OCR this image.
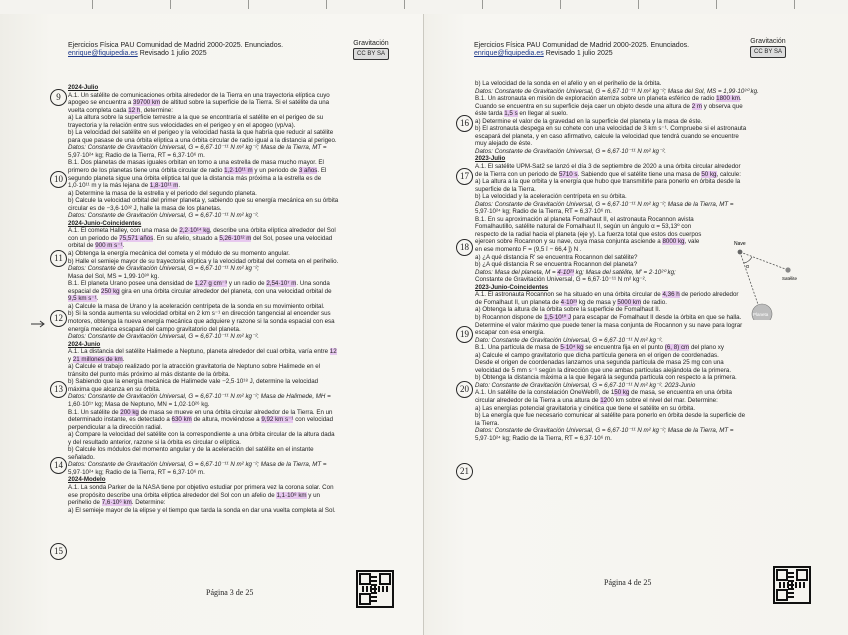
Ejercicios Física PAU Comunidad de Madrid 2000-2025. Enunciados.
enrique@fiquipedia.es Revisado 1 julio 2025
Gravitación
CC BY SA

2024-Julio

A.1. Un satélite de comunicaciones orbita alrededor de la Tierra en una trayectoria elíptica cuyo

apogeo se encuentra a 39700 km de altitud sobre la superficie de la Tierra. Si el satélite da una

vuelta completa cada 12 h, determine:

a) La altura sobre la superficie terrestre a la que se encontraría el satélite en el perigeo de su

trayectoria y la relación entre sus velocidades en el perigeo y en el apogeo (vp/va).

b) La velocidad del satélite en el perigeo y la velocidad hasta la que habría que reducir al satélite

para que pasase de una órbita elíptica a una órbita circular de radio igual a la distancia al perigeo.

Datos: Constante de Gravitación Universal, G = 6,67·10⁻¹¹ N m² kg⁻²; Masa de la Tierra, MT =

5,97·10²⁴ kg; Radio de la Tierra, RT = 6,37·10⁶ m.

B.1. Dos planetas de masas iguales orbitan en torno a una estrella de masa mucho mayor. El

primero de los planetas tiene una órbita circular de radio 1,2·10¹¹ m y un periodo de 3 años. El

segundo planeta sigue una órbita elíptica tal que la distancia más próxima a la estrella es de

1,0·10¹¹ m y la más lejana de 1,8·10¹¹ m.

a) Determine la masa de la estrella y el periodo del segundo planeta.

b) Calcule la velocidad orbital del primer planeta y, sabiendo que su energía mecánica en su órbita

circular es de −3,6·10³² J, halle la masa de los planetas.

Datos: Constante de Gravitación Universal, G = 6,67·10⁻¹¹ N m² kg⁻².

2024-Junio-Coincidentes

A.1. El cometa Halley, con una masa de 2,2·10¹⁴ kg, describe una órbita elíptica alrededor del Sol

con un periodo de 75,571 años. En su afelio, situado a 5,26·10¹² m del Sol, posee una velocidad

orbital de 900 m s⁻¹.

a) Obtenga la energía mecánica del cometa y el módulo de su momento angular.

b) Halle el semieje mayor de su trayectoria elíptica y la velocidad orbital del cometa en el perihelio.

Datos: Constante de Gravitación Universal, G = 6,67·10⁻¹¹ N m² kg⁻²;

Masa del Sol, MS = 1,99·10³⁰ kg.

B.1. El planeta Urano posee una densidad de 1,27 g cm⁻³ y un radio de 2,54·10⁷ m. Una sonda

espacial de 250 kg gira en una órbita circular alrededor del planeta, con una velocidad orbital de

9,5 km s⁻¹.

a) Calcule la masa de Urano y la aceleración centrípeta de la sonda en su movimiento orbital.

b) Si la sonda aumenta su velocidad orbital en 2 km s⁻¹ en dirección tangencial al encender sus

motores, obtenga la nueva energía mecánica que adquiere y razone si la sonda espacial con esa

energía mecánica escapará del campo gravitatorio del planeta.

Datos: Constante de Gravitación Universal, G = 6,67·10⁻¹¹ N m² kg⁻².

2024-Junio

A.1. La distancia del satélite Halimede a Neptuno, planeta alrededor del cual orbita, varía entre 12

y 21 millones de km.

a) Calcule el trabajo realizado por la atracción gravitatoria de Neptuno sobre Halimede en el

tránsito del punto más próximo al más distante de la órbita.

b) Sabiendo que la energía mecánica de Halimede vale −2,5·10¹⁸ J, determine la velocidad

máxima que alcanza en su órbita.

Datos: Constante de Gravitación Universal, G = 6,67·10⁻¹¹ N m² kg⁻²; Masa de Halimede, MH =

1,60·10¹⁷ kg; Masa de Neptuno, MN = 1,02·10²⁶ kg.

B.1. Un satélite de 200 kg de masa se mueve en una órbita circular alrededor de la Tierra. En un

determinado instante, es detectado a 630 km de altura, moviéndose a 9,92 km s⁻¹ con velocidad

perpendicular a la dirección radial.

a) Compare la velocidad del satélite con la correspondiente a una órbita circular de la altura dada

y del resultado anterior, razone si la órbita es circular o elíptica.

b) Calcule los módulos del momento angular y de la aceleración del satélite en el instante

señalado.

Datos: Constante de Gravitación Universal, G = 6,67·10⁻¹¹ N m² kg⁻²; Masa de la Tierra, MT =

5,97·10²⁴ kg; Radio de la Tierra, RT = 6,37·10⁶ m.

2024-Modelo

A.1. La sonda Parker de la NASA tiene por objetivo estudiar por primera vez la corona solar. Con

ese propósito describe una órbita elíptica alrededor del Sol con un afelio de 1,1·10⁸ km y un

perihelio de 7,6·10⁶ km. Determine:

a) El semieje mayor de la elipse y el tiempo que tarda la sonda en dar una vuelta completa al Sol.

9
10
11
12
13
14
15
Página 3 de 25
Ejercicios Física PAU Comunidad de Madrid 2000-2025. Enunciados.
enrique@fiquipedia.es Revisado 1 julio 2025
Gravitación
CC BY SA

b) La velocidad de la sonda en el afelio y en el perihelio de la órbita.

Datos: Constante de Gravitación Universal, G = 6,67·10⁻¹¹ N m² kg⁻²; Masa del Sol, MS = 1,99·10³⁰ kg.

B.1. Un astronauta en misión de exploración aterriza sobre un planeta esférico de radio 1800 km.

Cuando se encuentra en su superficie deja caer un objeto desde una altura de 2 m y observa que

éste tarda 1,5 s en llegar al suelo.

a) Determine el valor de la gravedad en la superficie del planeta y la masa de éste.

b) El astronauta despega en su cohete con una velocidad de 3 km s⁻¹. Compruebe si el astronauta

escapará del planeta, y en caso afirmativo, calcule la velocidad que tendrá cuando se encuentre

muy alejado de éste.

Datos: Constante de Gravitación Universal, G = 6,67·10⁻¹¹ N m² kg⁻².

2023-Julio

A.1. El satélite UPM-Sat2 se lanzó el día 3 de septiembre de 2020 a una órbita circular alrededor

de la Tierra con un periodo de 5710 s. Sabiendo que el satélite tiene una masa de 50 kg, calcule:

a) La altura a la que orbita y la energía que hubo que transmitirle para ponerlo en órbita desde la

superficie de la Tierra.

b) La velocidad y la aceleración centrípeta en su órbita.

Datos: Constante de Gravitación Universal, G = 6,67·10⁻¹¹ N m² kg⁻²; Masa de la Tierra, MT =

5,97·10²⁴ kg; Radio de la Tierra, RT = 6,37·10⁶ m.

B.1. En su aproximación al planeta Fomalhaut II, el astronauta Rocannon avista

Fomalhautillo, satélite natural de Fomalhaut II, según un ángulo α = 53,13º con

respecto de la radial hacia el planeta (eje y). La fuerza total que estos dos cuerpos

ejercen sobre Rocannon y su nave, cuya masa conjunta asciende a 8000 kg, vale

en ese momento F = (9,5 î − 66,4 ĵ) N .

a) ¿A qué distancia R' se encuentra Rocannon del satélite?

b) ¿A qué distancia R se encuentra Rocannon del planeta?

Datos: Masa del planeta, M = 4·10²³ kg; Masa del satélite, M' = 2·10²⁰ kg;

Constante de Gravitación Universal, G = 6,67·10⁻¹¹ N m² kg⁻².

2023-Junio-Coincidentes

A.1. El astronauta Rocannon se ha situado en una órbita circular de 4,36 h de periodo alrededor

de Fomalhaut II, un planeta de 4·10²³ kg de masa y 5000 km de radio.

a) Obtenga la altura de la órbita sobre la superficie de Fomalhaut II.

b) Rocannon dispone de 1,5·10¹⁰ J para escapar de Fomalhaut II desde la órbita en que se halla.

Determine el valor máximo que puede tener la masa conjunta de Rocannon y su nave para lograr

escapar con esa energía.

Dato: Constante de Gravitación Universal, G = 6,67·10⁻¹¹ N m² kg⁻².

B.1. Una partícula de masa de 5·10⁴ kg se encuentra fija en el punto (6, 8) cm del plano xy

a) Calcule el campo gravitatorio que dicha partícula genera en el origen de coordenadas.

Desde el origen de coordenadas lanzamos una segunda partícula de masa 25 mg con una

velocidad de 5 mm s⁻¹ según la dirección que une ambas partículas alejándola de la primera.

b) Obtenga la distancia máxima a la que llegará la segunda partícula con respecto a la primera.

Dato: Constante de Gravitación Universal, G = 6,67·10⁻¹¹ N m² kg⁻². 2023-Junio

A.1. Un satélite de la constelación OneWeb®, de 150 kg de masa, se encuentra en una órbita

circular alrededor de la Tierra a una altura de 1200 km sobre el nivel del mar. Determine:

a) Las energías potencial gravitatoria y cinética que tiene el satélite en su órbita.

b) La energía que fue necesario comunicar al satélite para ponerlo en órbita desde la superficie de

la Tierra.

Datos: Constante de Gravitación Universal, G = 6,67·10⁻¹¹ N m² kg⁻²; Masa de la Tierra, MT =

5,97·10²⁴ kg; Radio de la Tierra, RT = 6,37·10⁶ m.

16
17
18
19
20
21
Nave
α
Satélite
Planeta
Página 4 de 25
